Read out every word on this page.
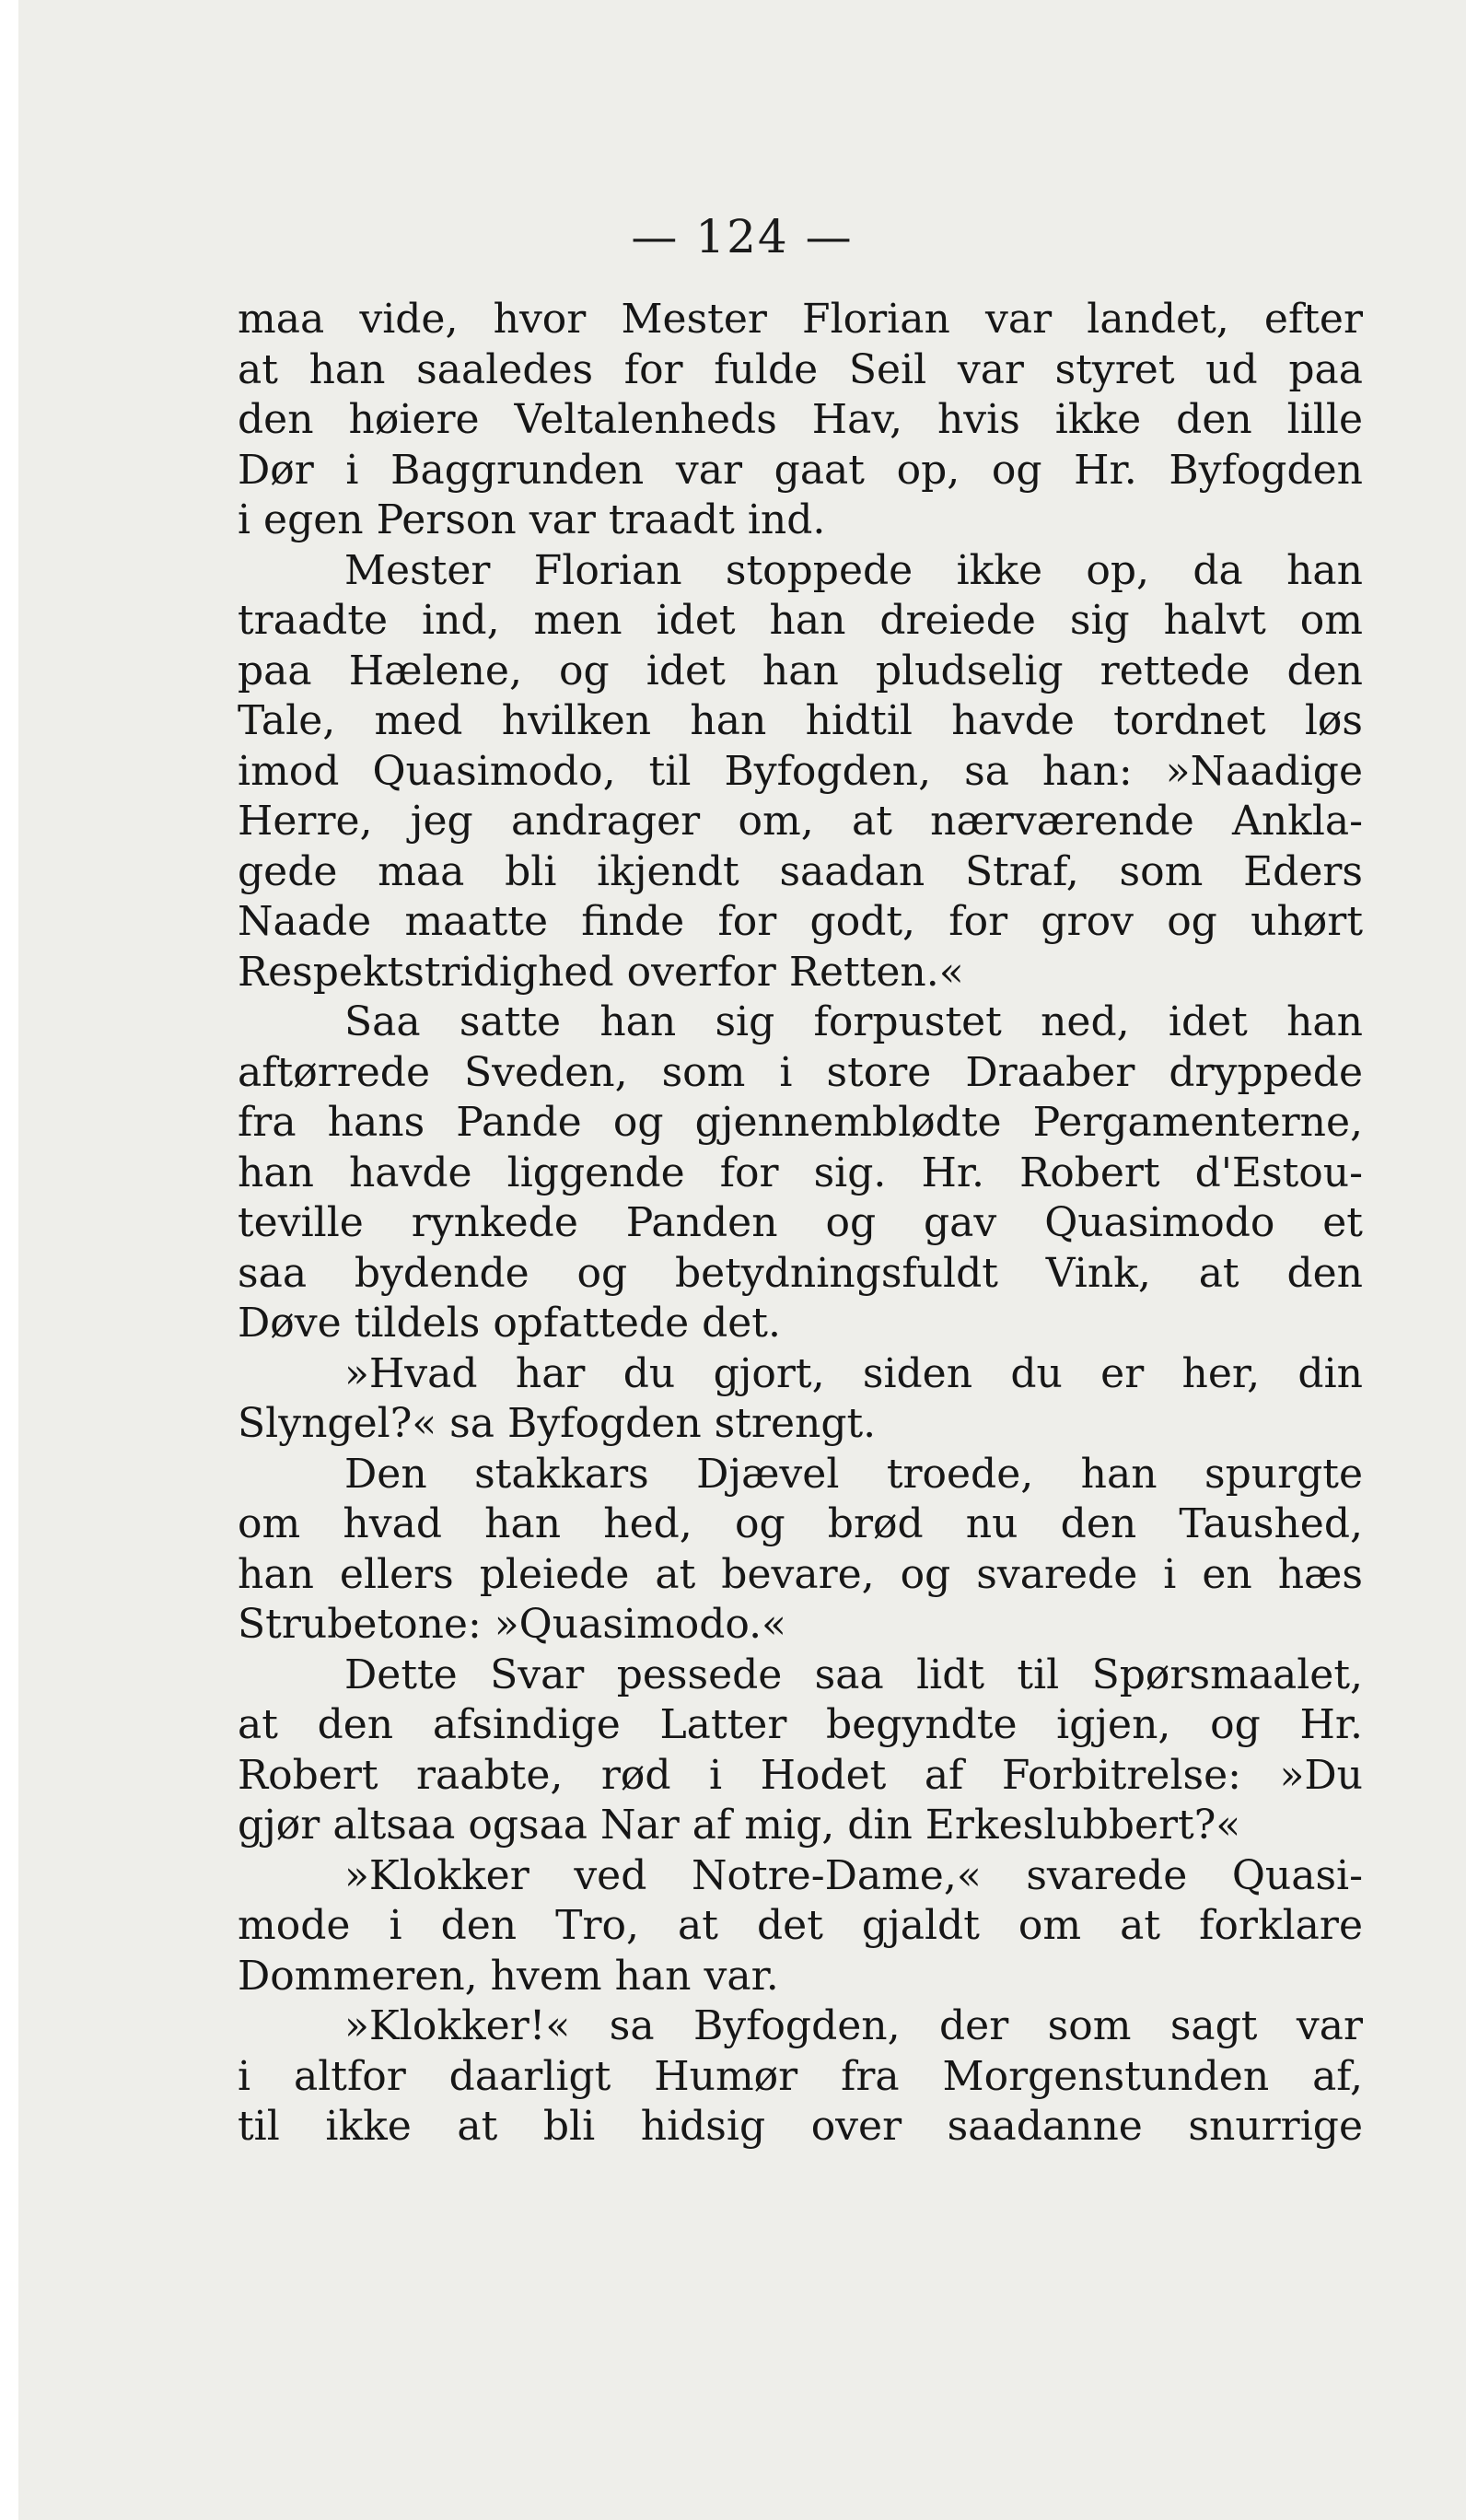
— 124 —
maa vide, hvor Mester Florian var landet, efter
at han saaledes for fulde Seil var styret ud paa
den høiere Veltalenheds Hav, hvis ikke den lille
Dør i Baggrunden var gaat op, og Hr. Byfogden
i egen Person var traadt ind.
Mester Florian stoppede ikke op, da han
traadte ind, men idet han dreiede sig halvt om
paa Hælene, og idet han pludselig rettede den
Tale, med hvilken han hidtil havde tordnet løs
imod Quasimodo, til Byfogden, sa han: »Naadige
Herre, jeg andrager om, at nærværende Ankla-
gede maa bli ikjendt saadan Straf, som Eders
Naade maatte finde for godt, for grov og uhørt
Respektstridighed overfor Retten.«
Saa satte han sig forpustet ned, idet han
aftørrede Sveden, som i store Draaber dryppede
fra hans Pande og gjennemblødte Pergamenterne,
han havde liggende for sig. Hr. Robert d'Estou-
teville rynkede Panden og gav Quasimodo et
saa bydende og betydningsfuldt Vink, at den
Døve tildels opfattede det.
»Hvad har du gjort, siden du er her, din
Slyngel?« sa Byfogden strengt.
Den stakkars Djævel troede, han spurgte
om hvad han hed, og brød nu den Taushed,
han ellers pleiede at bevare, og svarede i en hæs
Strubetone: »Quasimodo.«
Dette Svar pessede saa lidt til Spørsmaalet,
at den afsindige Latter begyndte igjen, og Hr.
Robert raabte, rød i Hodet af Forbitrelse: »Du
gjør altsaa ogsaa Nar af mig, din Erkeslubbert?«
»Klokker ved Notre-Dame,« svarede Quasi-
mode i den Tro, at det gjaldt om at forklare
Dommeren, hvem han var.
»Klokker!« sa Byfogden, der som sagt var
i altfor daarligt Humør fra Morgenstunden af,
til ikke at bli hidsig over saadanne snurrige
